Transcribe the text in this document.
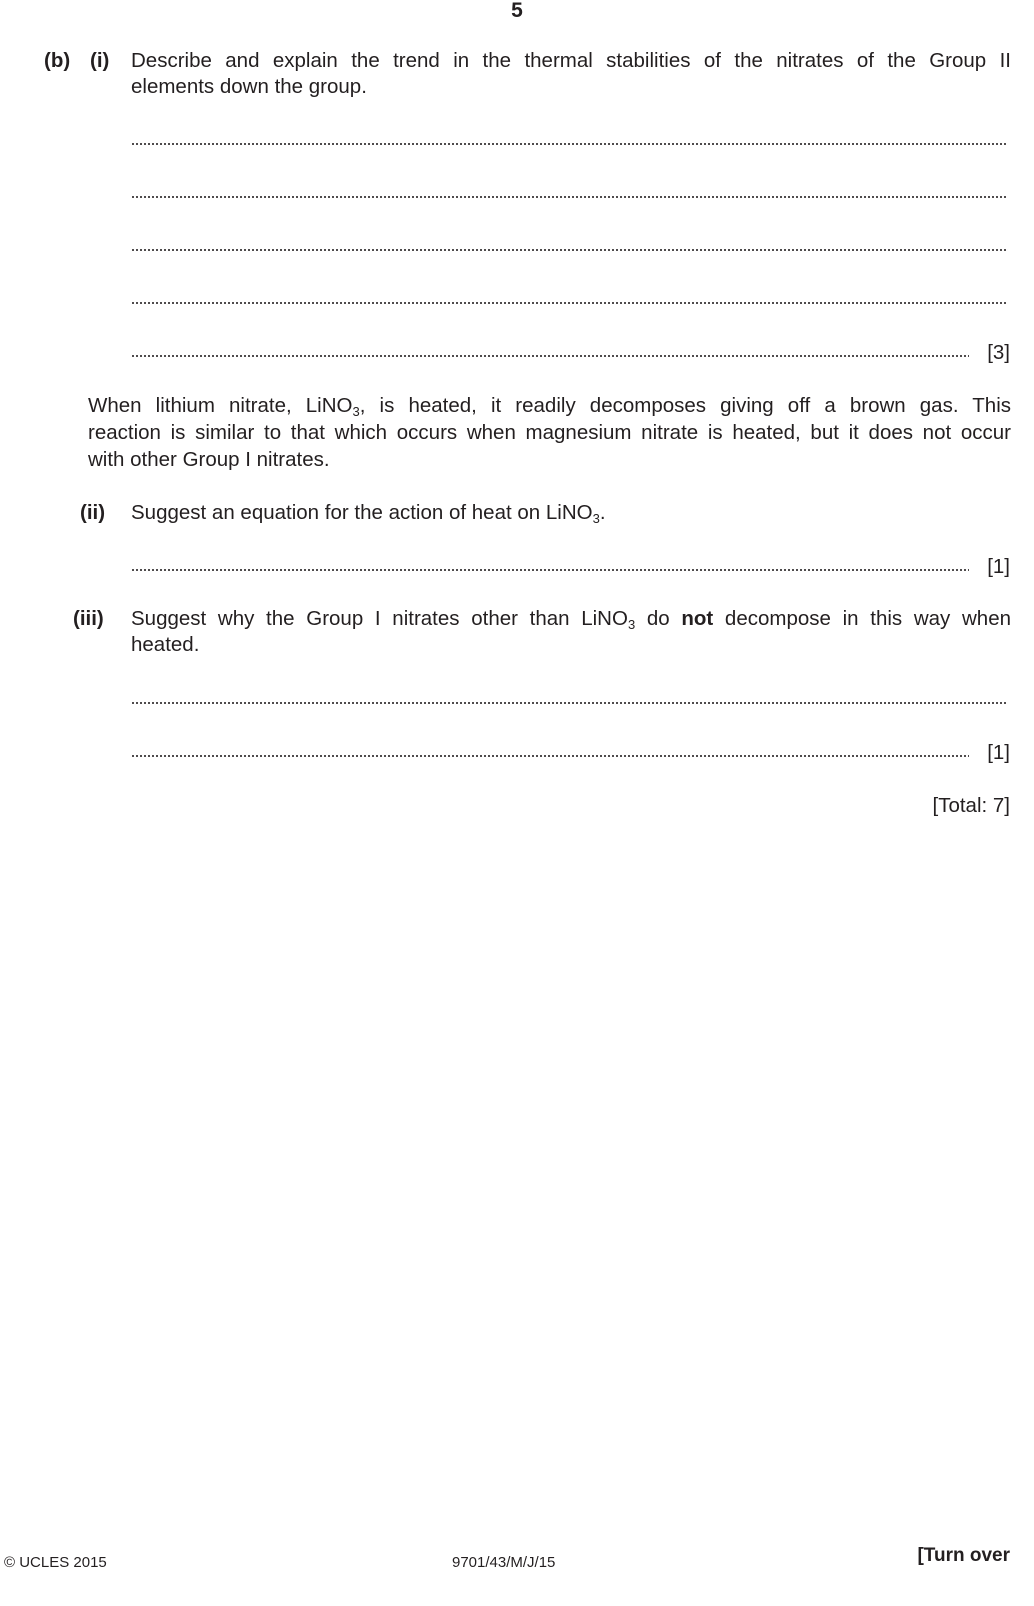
5
(b) (i) Describe and explain the trend in the thermal stabilities of the nitrates of the Group II
elements down the group.
[3]
When lithium nitrate, LiNO$_3$, is heated, it readily decomposes giving off a brown gas. This
reaction is similar to that which occurs when magnesium nitrate is heated, but it does not occur
with other Group I nitrates.
(ii) Suggest an equation for the action of heat on LiNO$_3$.
[1]
(iii) Suggest why the Group I nitrates other than LiNO$_3$ do not decompose in this way when
heated.
[1]
[Total: 7]
© UCLES 2015	9701/43/M/J/15	[Turn over
